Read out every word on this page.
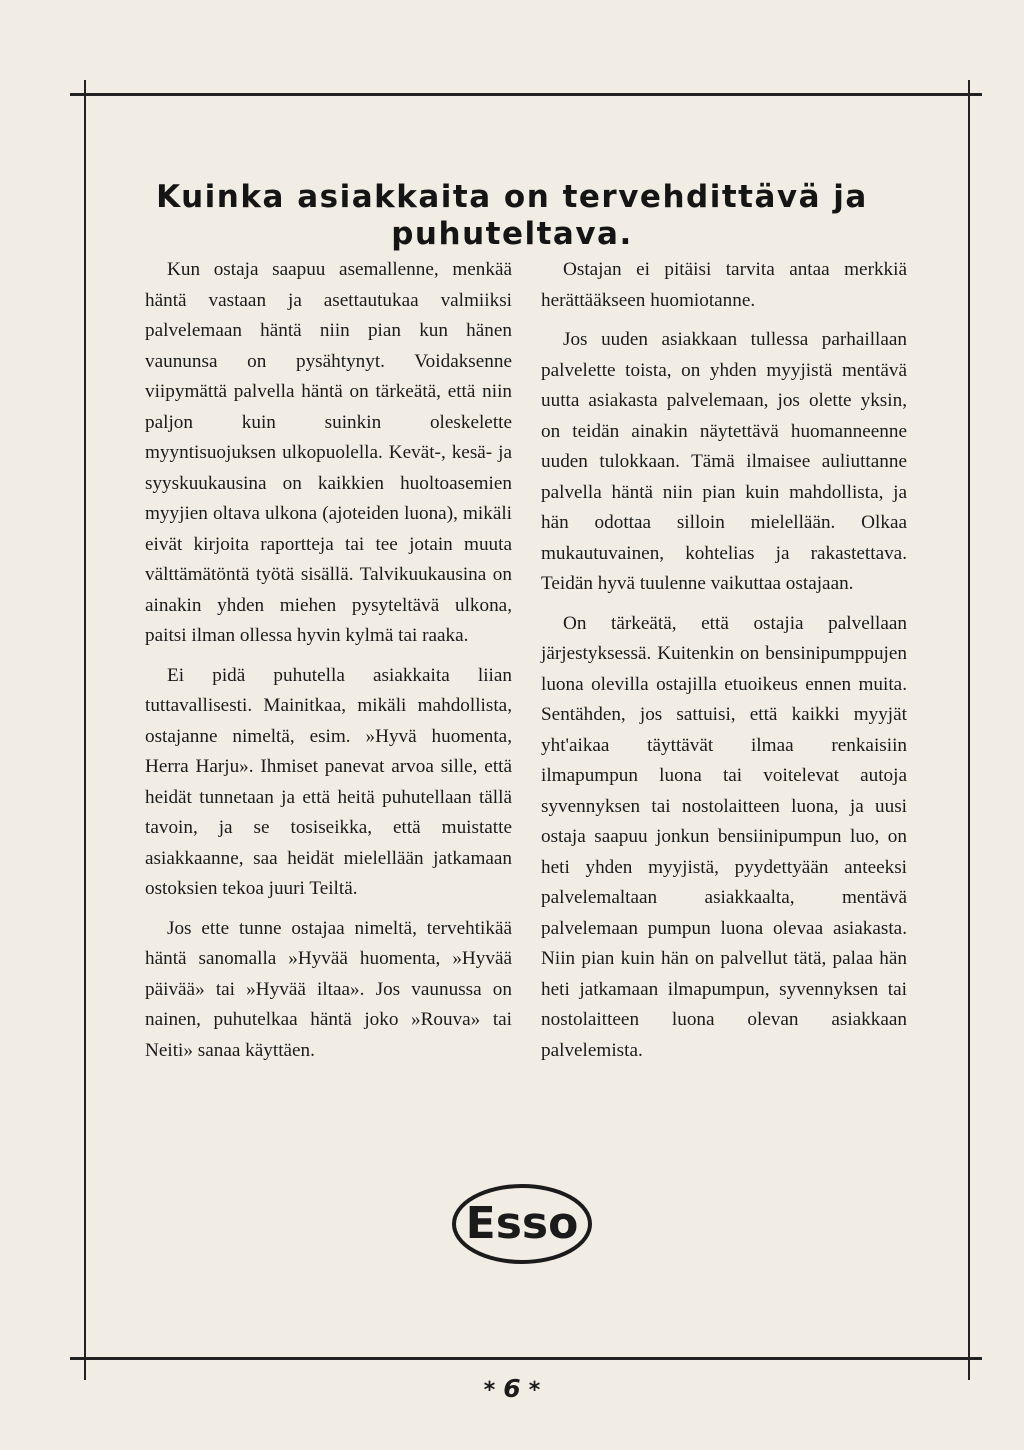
Kuinka asiakkaita on tervehdittävä ja puhuteltava.

Kun ostaja saapuu asemallenne, menkää häntä vastaan ja asettautukaa valmiiksi palvelemaan häntä niin pian kun hänen vaununsa on pysähtynyt. Voidaksenne viipymättä palvella häntä on tärkeätä, että niin paljon kuin suinkin oleskelette myyntisuojuksen ulkopuolella. Kevät-, kesä- ja syyskuukausina on kaikkien huoltoasemien myyjien oltava ulkona (ajoteiden luona), mikäli eivät kirjoita raportteja tai tee jotain muuta välttämätöntä työtä sisällä. Talvikuukausina on ainakin yhden miehen pysyteltävä ulkona, paitsi ilman ollessa hyvin kylmä tai raaka.

Ei pidä puhutella asiakkaita liian tuttavallisesti. Mainitkaa, mikäli mahdollista, ostajanne nimeltä, esim. »Hyvä huomenta, Herra Harju». Ihmiset panevat arvoa sille, että heidät tunnetaan ja että heitä puhutellaan tällä tavoin, ja se tosiseikka, että muistatte asiakkaanne, saa heidät mielellään jatkamaan ostoksien tekoa juuri Teiltä.

Jos ette tunne ostajaa nimeltä, tervehtikää häntä sanomalla »Hyvää huomenta, »Hyvää päivää» tai »Hyvää iltaa». Jos vaunussa on nainen, puhutelkaa häntä joko »Rouva» tai Neiti» sanaa käyttäen.

Ostajan ei pitäisi tarvita antaa merkkiä herättääkseen huomiotanne.

Jos uuden asiakkaan tullessa parhaillaan palvelette toista, on yhden myyjistä mentävä uutta asiakasta palvelemaan, jos olette yksin, on teidän ainakin näytettävä huomanneenne uuden tulokkaan. Tämä ilmaisee auliuttanne palvella häntä niin pian kuin mahdollista, ja hän odottaa silloin mielellään. Olkaa mukautuvainen, kohtelias ja rakastettava. Teidän hyvä tuulenne vaikuttaa ostajaan.

On tärkeätä, että ostajia palvellaan järjestyksessä. Kuitenkin on bensinipumppujen luona olevilla ostajilla etuoikeus ennen muita. Sentähden, jos sattuisi, että kaikki myyjät yht'aikaa täyttävät ilmaa renkaisiin ilmapumpun luona tai voitelevat autoja syvennyksen tai nostolaitteen luona, ja uusi ostaja saapuu jonkun bensiinipumpun luo, on heti yhden myyjistä, pyydettyään anteeksi palvelemaltaan asiakkaalta, mentävä palvelemaan pumpun luona olevaa asiakasta. Niin pian kuin hän on palvellut tätä, palaa hän heti jatkamaan ilmapumpun, syvennyksen tai nostolaitteen luona olevan asiakkaan palvelemista.

Esso
* 6 *
